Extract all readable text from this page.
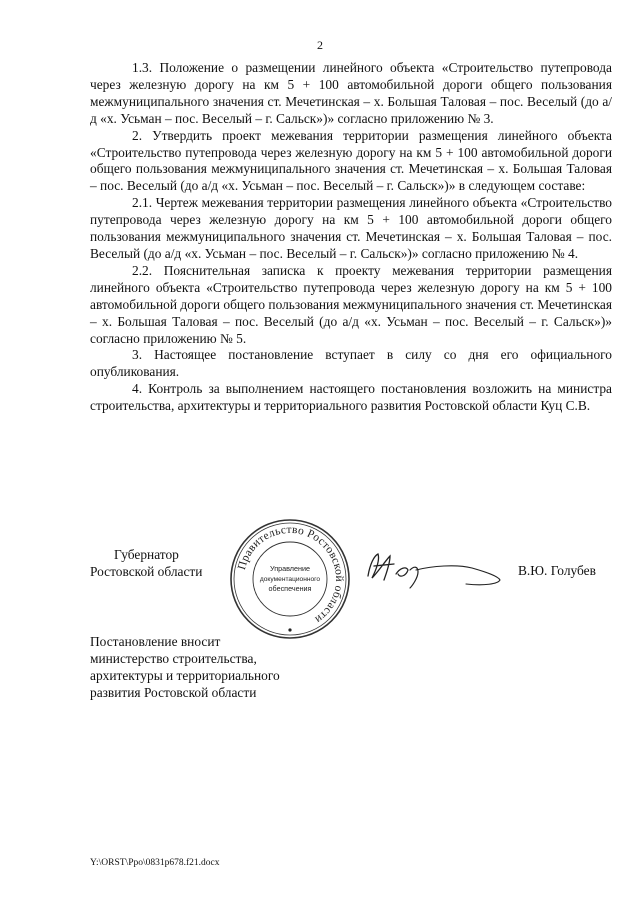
2

1.3. Положение о размещении линейного объекта «Строительство путепровода через железную дорогу на км 5 + 100 автомобильной дороги общего пользования межмуниципального значения ст. Мечетинская – х. Большая Таловая – пос. Веселый (до а/д «х. Усьман – пос. Веселый – г. Сальск»)» согласно приложению № 3.

2. Утвердить проект межевания территории размещения линейного объекта «Строительство путепровода через железную дорогу на км 5 + 100 автомобильной дороги общего пользования межмуниципального значения ст. Мечетинская – х. Большая Таловая – пос. Веселый (до а/д «х. Усьман – пос. Веселый – г. Сальск»)» в следующем составе:

2.1. Чертеж межевания территории размещения линейного объекта «Строительство путепровода через железную дорогу на км 5 + 100 автомобильной дороги общего пользования межмуниципального значения ст. Мечетинская – х. Большая Таловая – пос. Веселый (до а/д «х. Усьман – пос. Веселый – г. Сальск»)» согласно приложению № 4.

2.2. Пояснительная записка к проекту межевания территории размещения линейного объекта «Строительство путепровода через железную дорогу на км 5 + 100 автомобильной дороги общего пользования межмуниципального значения ст. Мечетинская – х. Большая Таловая – пос. Веселый (до а/д «х. Усьман – пос. Веселый – г. Сальск»)» согласно приложению № 5.

3. Настоящее постановление вступает в силу со дня его официального опубликования.

4. Контроль за выполнением настоящего постановления возложить на министра строительства, архитектуры и территориального развития Ростовской области Куц С.В.

Губернатор
Ростовской области	Правительство Ростовской области
Управление
документационного
обеспечения
В.Ю. Голубев
Постановление вносит
министерство строительства,
архитектуры и территориального
развития Ростовской области
Y:\ORST\Ppo\0831p678.f21.docx
